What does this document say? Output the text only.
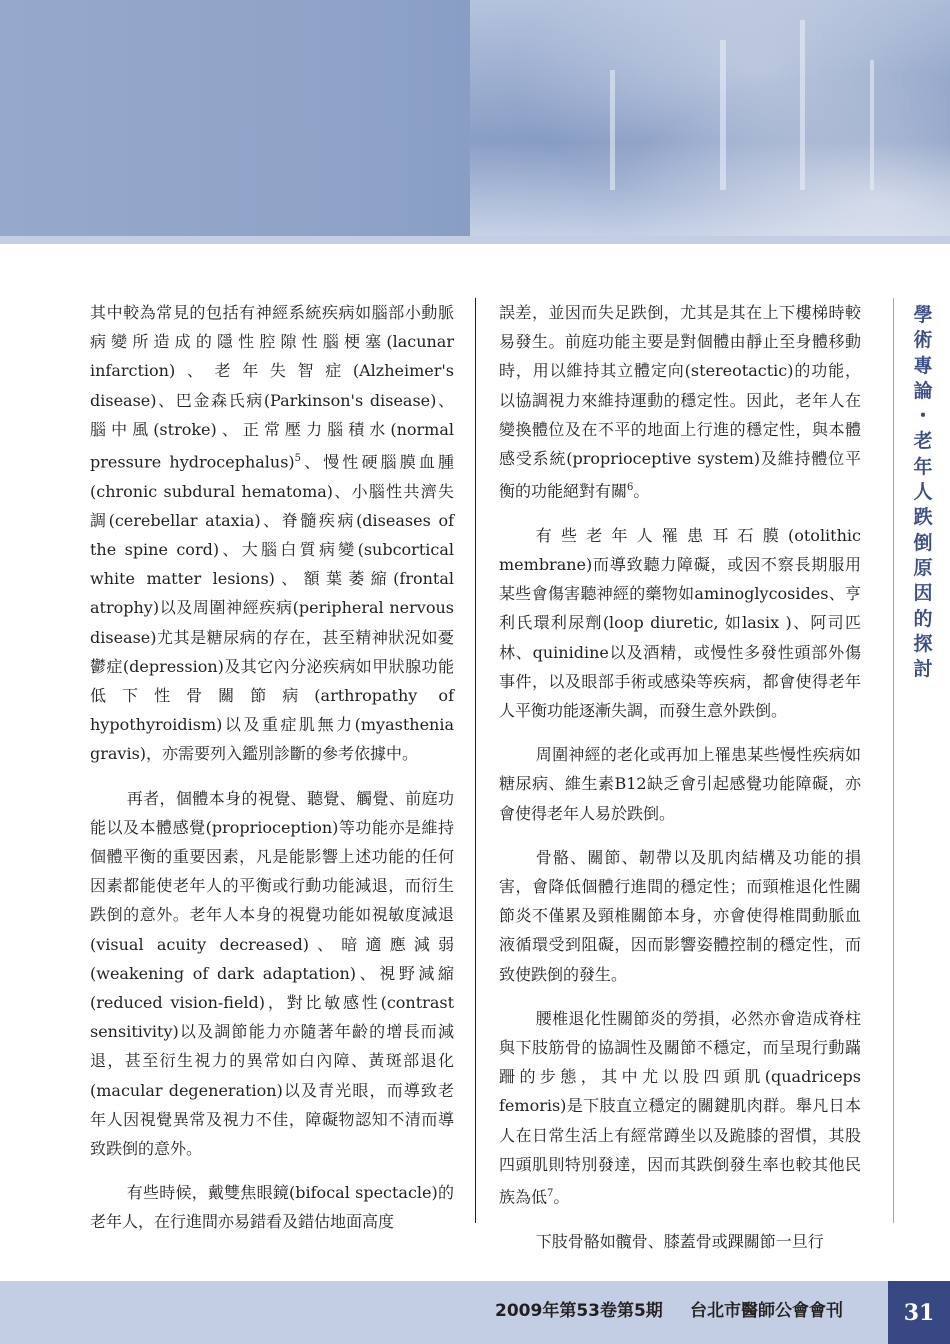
其中較為常見的包括有神經系統疾病如腦部小動脈病變所造成的隱性腔隙性腦梗塞(lacunar infarction)、老年失智症(Alzheimer's disease)、巴金森氏病(Parkinson's disease)、腦中風(stroke)、正常壓力腦積水(normal pressure hydrocephalus)$^5$、慢性硬腦膜血腫(chronic subdural hematoma)、小腦性共濟失調(cerebellar ataxia)、脊髓疾病(diseases of the spine cord)、大腦白質病變(subcortical white matter lesions)、額葉萎縮(frontal atrophy)以及周圍神經疾病(peripheral nervous disease)尤其是糖尿病的存在，甚至精神狀況如憂鬱症(depression)及其它內分泌疾病如甲狀腺功能低下性骨關節病(arthropathy of hypothyroidism)以及重症肌無力(myasthenia gravis)，亦需要列入鑑別診斷的參考依據中。

再者，個體本身的視覺、聽覺、觸覺、前庭功能以及本體感覺(proprioception)等功能亦是維持個體平衡的重要因素，凡是能影響上述功能的任何因素都能使老年人的平衡或行動功能減退，而衍生跌倒的意外。老年人本身的視覺功能如視敏度減退(visual acuity decreased)、暗適應減弱(weakening of dark adaptation)、視野減縮(reduced vision-field)，對比敏感性(contrast sensitivity)以及調節能力亦隨著年齡的增長而減退，甚至衍生視力的異常如白內障、黃斑部退化(macular degeneration)以及青光眼，而導致老年人因視覺異常及視力不佳，障礙物認知不清而導致跌倒的意外。

有些時候，戴雙焦眼鏡(bifocal spectacle)的老年人，在行進間亦易錯看及錯估地面高度

誤差，並因而失足跌倒，尤其是其在上下樓梯時較易發生。前庭功能主要是對個體由靜止至身體移動時，用以維持其立體定向(stereotactic)的功能，以協調視力來維持運動的穩定性。因此，老年人在變換體位及在不平的地面上行進的穩定性，與本體感受系統(proprioceptive system)及維持體位平衡的功能絕對有關$^6$。

有些老年人罹患耳石膜(otolithic membrane)而導致聽力障礙，或因不察長期服用某些會傷害聽神經的藥物如aminoglycosides、亨利氏環利尿劑(loop diuretic, 如lasix )、阿司匹林、quinidine以及酒精，或慢性多發性頭部外傷事件，以及眼部手術或感染等疾病，都會使得老年人平衡功能逐漸失調，而發生意外跌倒。

周圍神經的老化或再加上罹患某些慢性疾病如糖尿病、維生素B12缺乏會引起感覺功能障礙，亦會使得老年人易於跌倒。

骨骼、關節、韌帶以及肌肉結構及功能的損害，會降低個體行進間的穩定性；而頸椎退化性關節炎不僅累及頸椎關節本身，亦會使得椎間動脈血液循環受到阻礙，因而影響姿體控制的穩定性，而致使跌倒的發生。

腰椎退化性關節炎的勞損，必然亦會造成脊柱與下肢筋骨的協調性及關節不穩定，而呈現行動蹣跚的步態，其中尤以股四頭肌(quadriceps femoris)是下肢直立穩定的關鍵肌肉群。舉凡日本人在日常生活上有經常蹲坐以及跪膝的習慣，其股四頭肌則特別發達，因而其跌倒發生率也較其他民族為低$^7$。

下肢骨骼如髖骨、膝蓋骨或踝關節一旦行

學
術
專
論
・
老
年
人
跌
倒
原
因
的
探
討
2009年第53卷第5期 台北市醫師公會會刊	31
